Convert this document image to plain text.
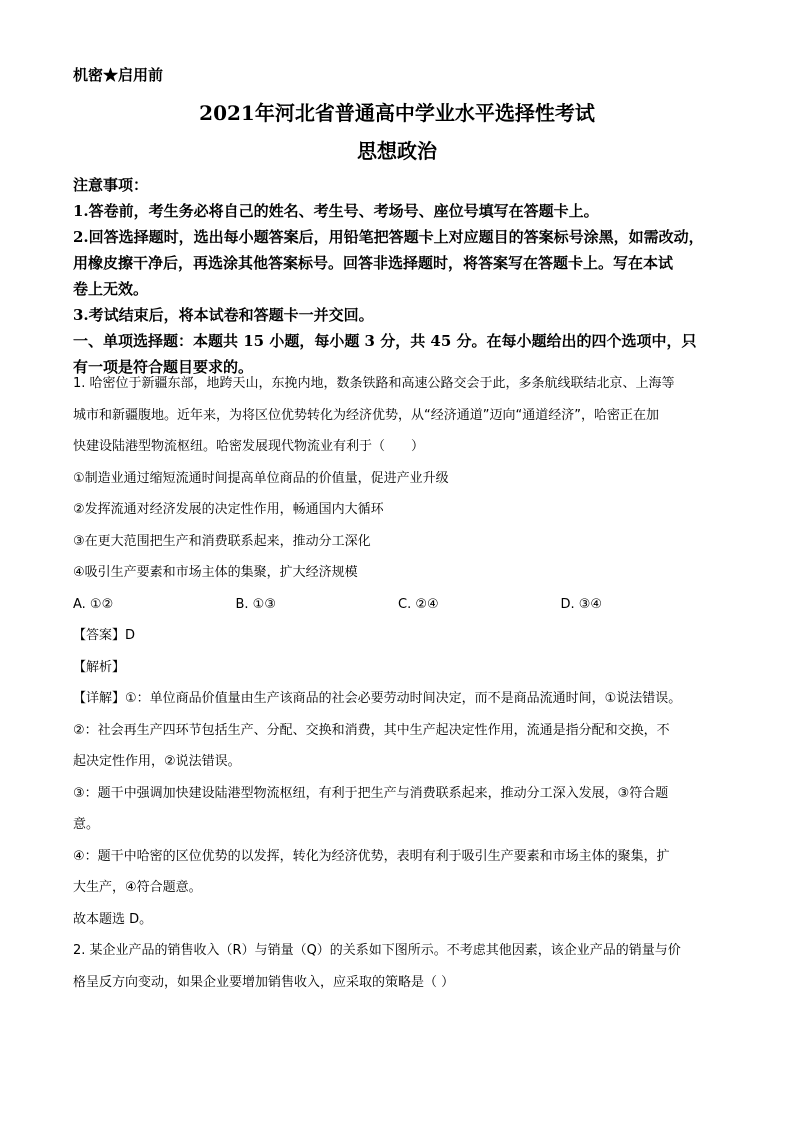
机密★启用前
2021年河北省普通高中学业水平选择性考试
思想政治
注意事项：
1.答卷前，考生务必将自己的姓名、考生号、考场号、座位号填写在答题卡上。
2.回答选择题时，选出每小题答案后，用铅笔把答题卡上对应题目的答案标号涂黑，如需改动，
用橡皮擦干净后，再选涂其他答案标号。回答非选择题时，将答案写在答题卡上。写在本试
卷上无效。
3.考试结束后，将本试卷和答题卡一并交回。
一、单项选择题：本题共 15 小题，每小题 3 分，共 45 分。在每小题给出的四个选项中，只
有一项是符合题目要求的。
1. 哈密位于新疆东部，地跨天山，东挽内地，数条铁路和高速公路交会于此，多条航线联结北京、上海等
城市和新疆腹地。近年来，为将区位优势转化为经济优势，从“经济通道”迈向“通道经济”，哈密正在加
快建设陆港型物流枢纽。哈密发展现代物流业有利于（　　）
①制造业通过缩短流通时间提高单位商品的价值量，促进产业升级
②发挥流通对经济发展的决定性作用，畅通国内大循环
③在更大范围把生产和消费联系起来，推动分工深化
④吸引生产要素和市场主体的集聚，扩大经济规模
A. ①②	B. ①③	C. ②④	D. ③④
【答案】D
【解析】
【详解】①：单位商品价值量由生产该商品的社会必要劳动时间决定，而不是商品流通时间，①说法错误。
②：社会再生产四环节包括生产、分配、交换和消费，其中生产起决定性作用，流通是指分配和交换，不
起决定性作用，②说法错误。
③：题干中强调加快建设陆港型物流枢纽，有利于把生产与消费联系起来，推动分工深入发展，③符合题
意。
④：题干中哈密的区位优势的以发挥，转化为经济优势，表明有利于吸引生产要素和市场主体的聚集，扩
大生产，④符合题意。
故本题选 D。
2. 某企业产品的销售收入（R）与销量（Q）的关系如下图所示。不考虑其他因素，该企业产品的销量与价
格呈反方向变动，如果企业要增加销售收入，应采取的策略是（ ）
